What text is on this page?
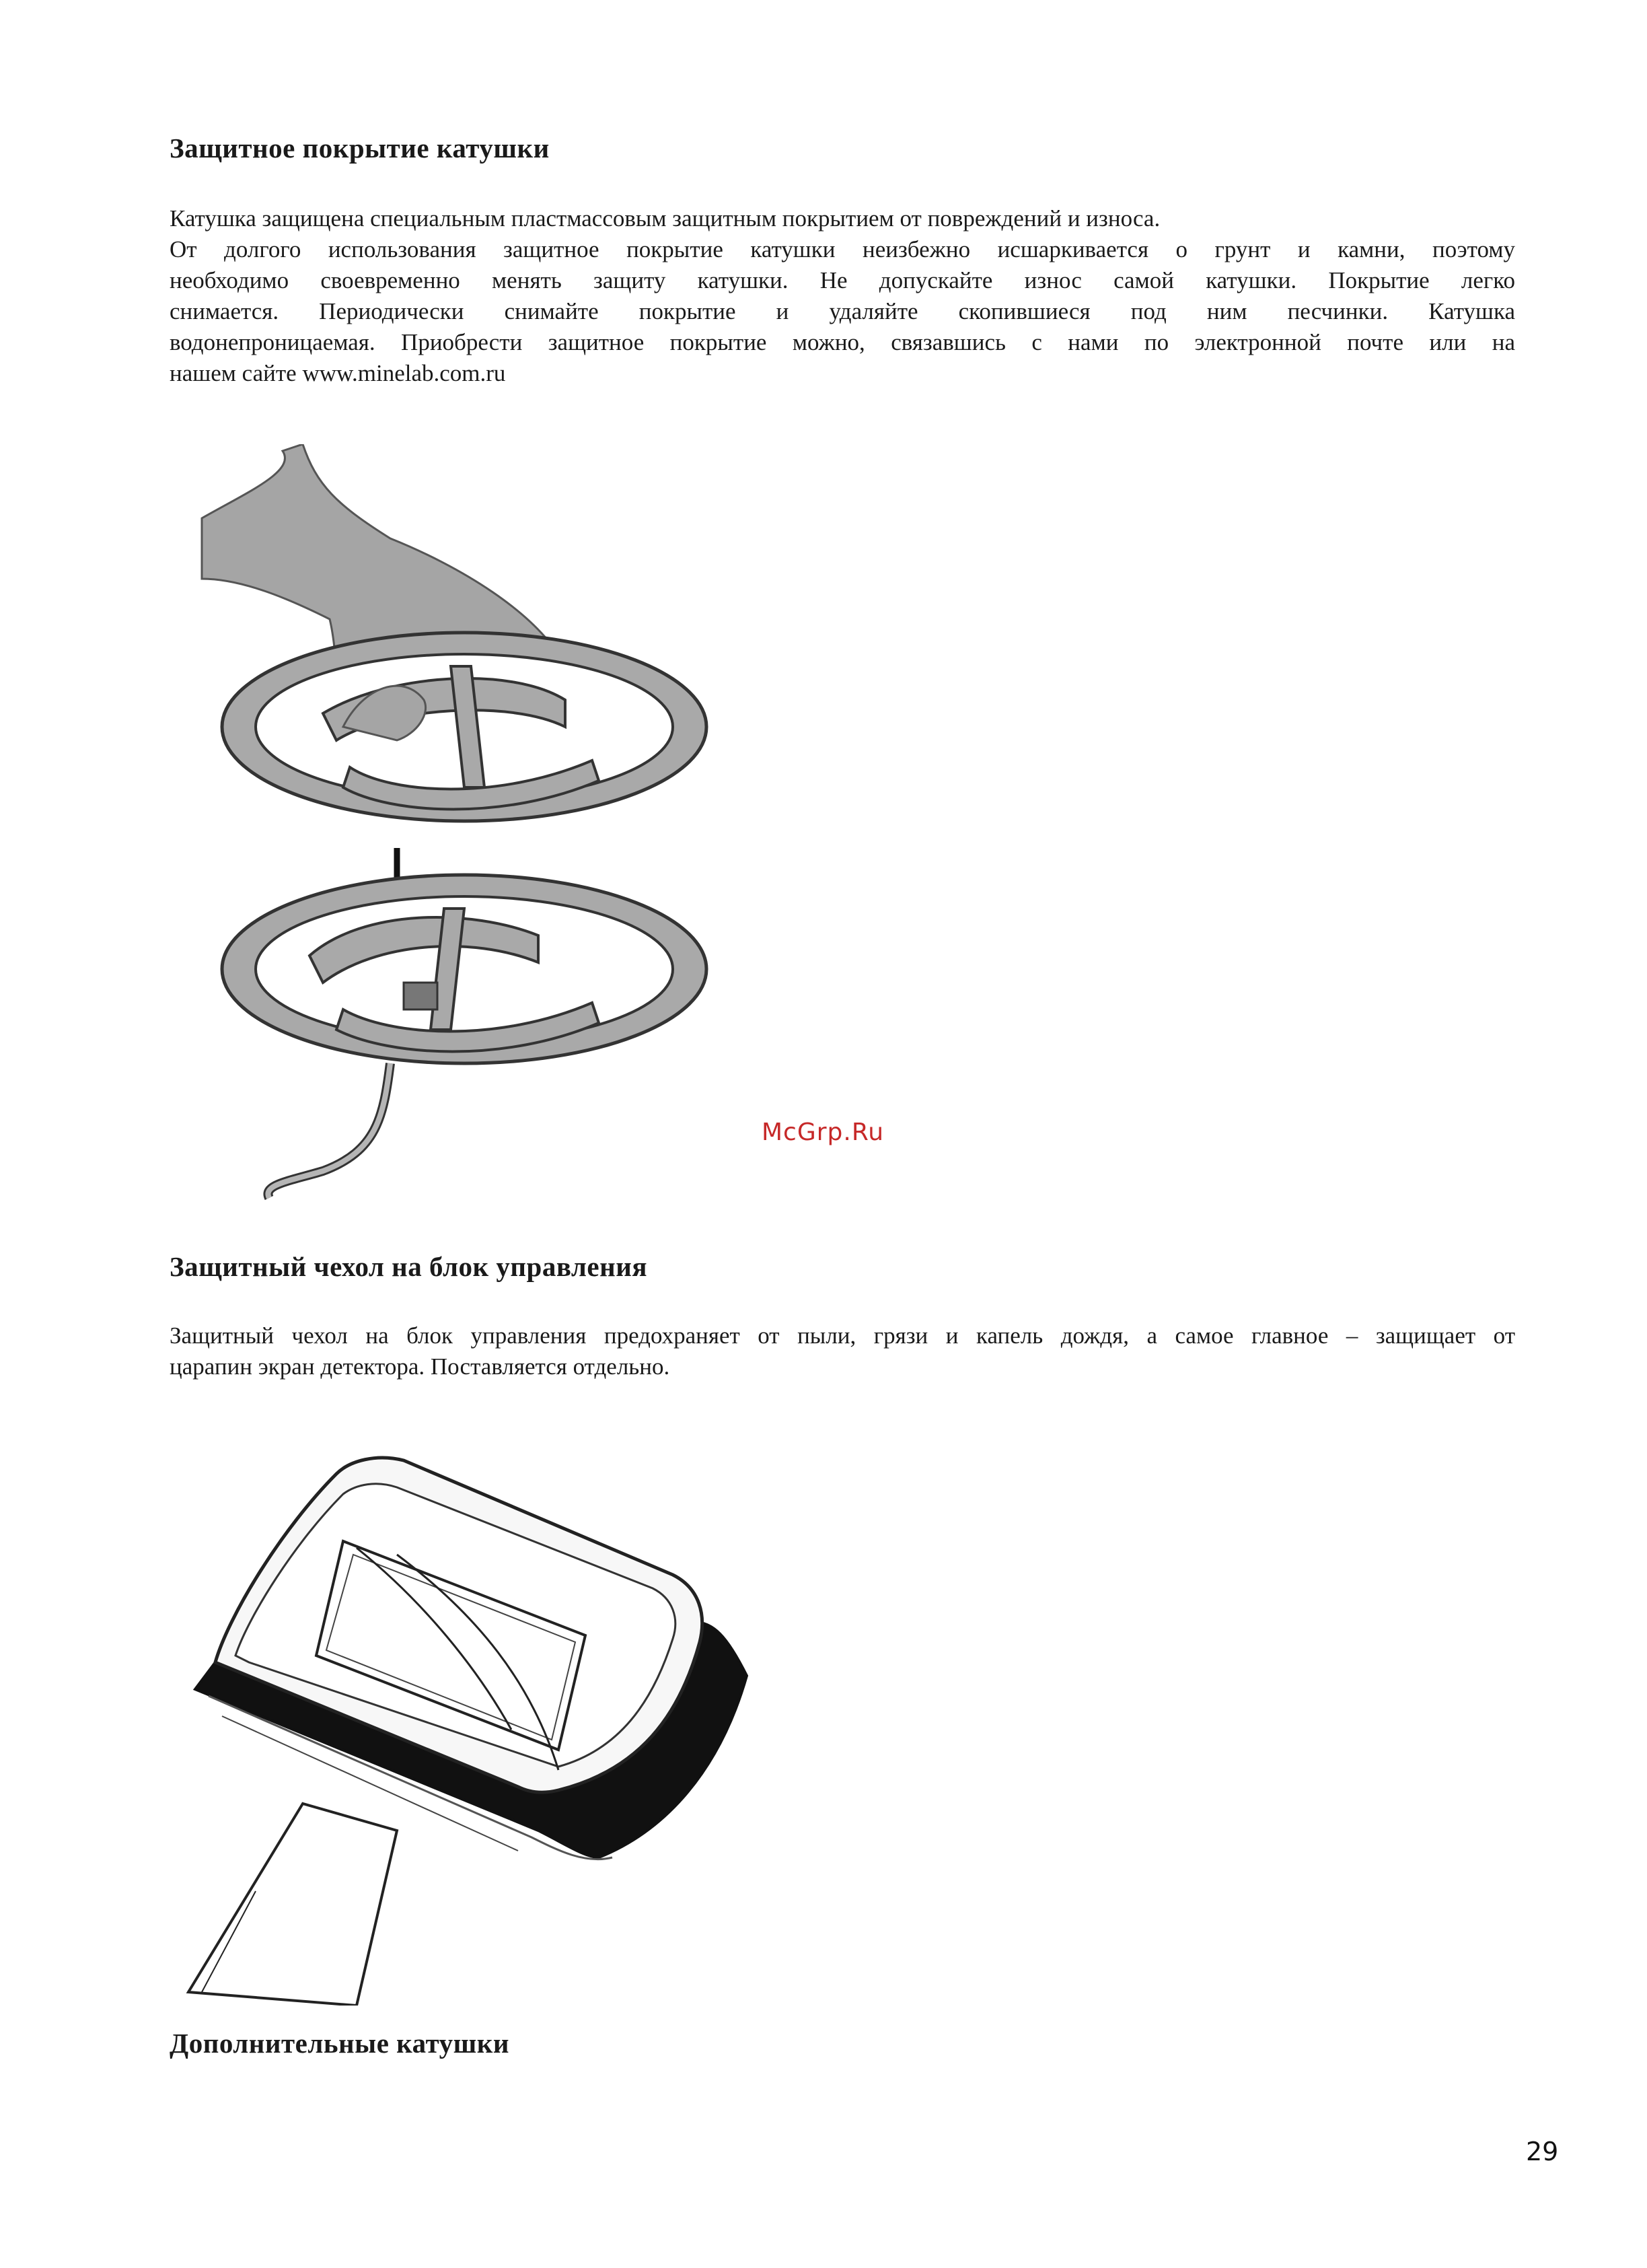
Защитное покрытие катушки
Катушка защищена специальным пластмассовым защитным покрытием от повреждений и износа.
От долгого использования защитное покрытие катушки неизбежно исшаркивается о грунт и камни, поэтому
необходимо своевременно менять защиту катушки. Не допускайте износ самой катушки. Покрытие легко
снимается. Периодически снимайте покрытие и удаляйте скопившиеся под ним песчинки. Катушка
водонепроницаемая. Приобрести защитное покрытие можно, связавшись с нами по электронной почте или на
нашем сайте www.minelab.com.ru
McGrp.Ru
Защитный чехол на блок управления
Защитный чехол на блок управления предохраняет от пыли, грязи и капель дождя, а самое главное – защищает от
царапин экран детектора. Поставляется отдельно.
Дополнительные катушки
29
